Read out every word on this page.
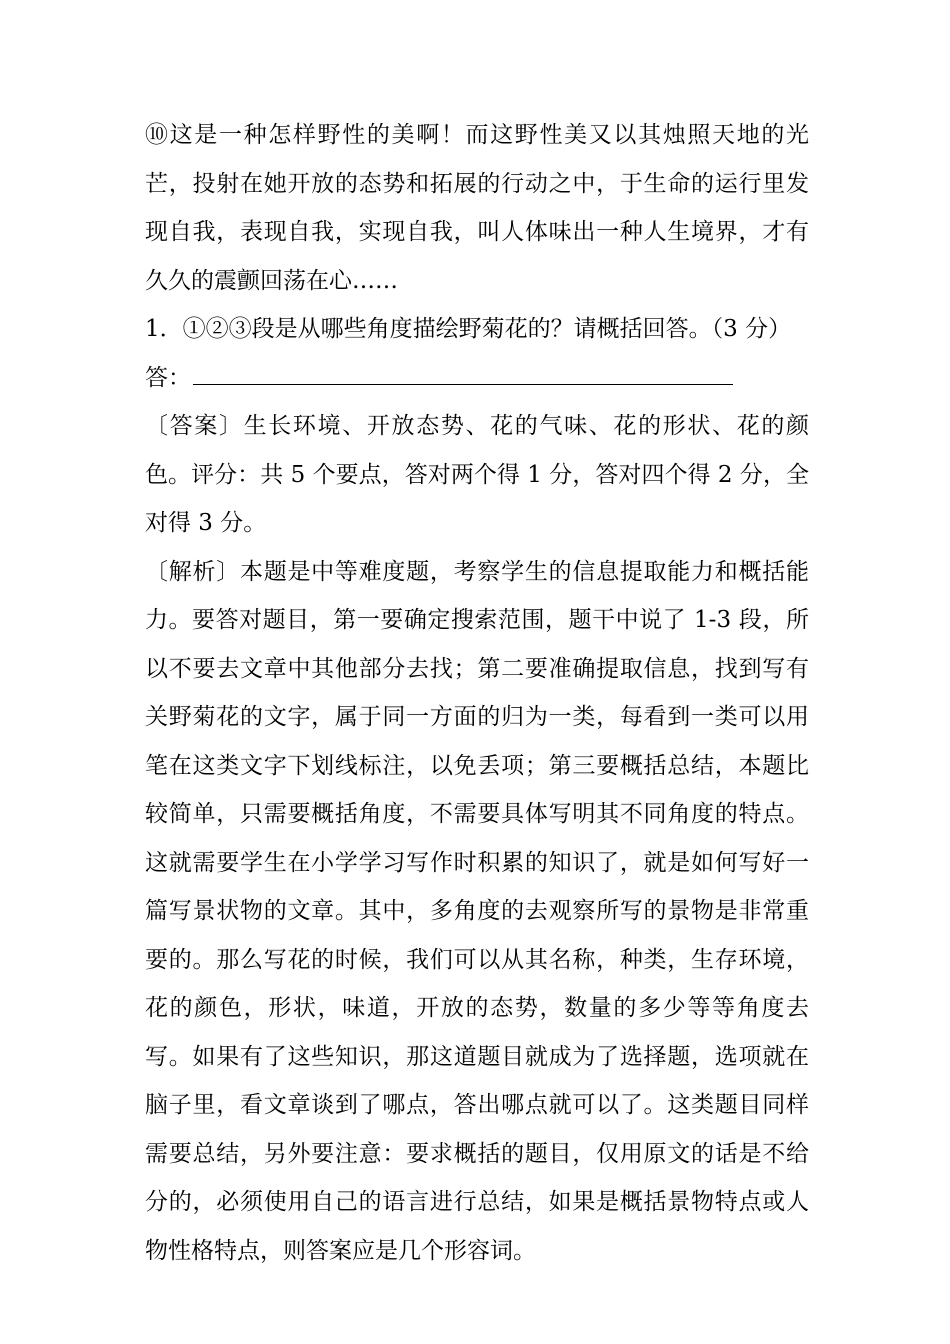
⑩这是一种怎样野性的美啊！而这野性美又以其烛照天地的光芒，投射在她开放的态势和拓展的行动之中，于生命的运行里发现自我，表现自我，实现自我，叫人体味出一种人生境界，才有久久的震颤回荡在心……

1．①②③段是从哪些角度描绘野菊花的？请概括回答。（3 分）

答：

〔答案〕生长环境、开放态势、花的气味、花的形状、花的颜色。评分：共 5 个要点，答对两个得 1 分，答对四个得 2 分，全对得 3 分。

〔解析〕本题是中等难度题，考察学生的信息提取能力和概括能力。要答对题目，第一要确定搜索范围，题干中说了 1-3 段，所以不要去文章中其他部分去找；第二要准确提取信息，找到写有关野菊花的文字，属于同一方面的归为一类，每看到一类可以用笔在这类文字下划线标注，以免丢项；第三要概括总结，本题比较简单，只需要概括角度，不需要具体写明其不同角度的特点。这就需要学生在小学学习写作时积累的知识了，就是如何写好一篇写景状物的文章。其中，多角度的去观察所写的景物是非常重要的。那么写花的时候，我们可以从其名称，种类，生存环境，花的颜色，形状，味道，开放的态势，数量的多少等等角度去写。如果有了这些知识，那这道题目就成为了选择题，选项就在脑子里，看文章谈到了哪点，答出哪点就可以了。这类题目同样需要总结，另外要注意：要求概括的题目，仅用原文的话是不给分的，必须使用自己的语言进行总结，如果是概括景物特点或人物性格特点，则答案应是几个形容词。
